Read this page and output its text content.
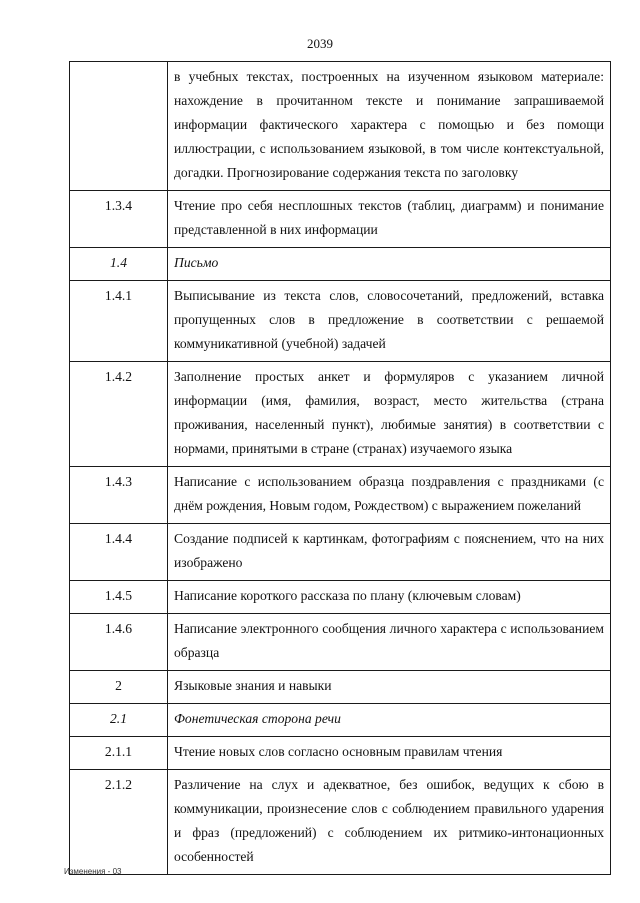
2039
	в учебных текстах, построенных на изученном языковом материале: нахождение в прочитанном тексте и понимание запрашиваемой информации фактического характера с помощью и без помощи иллюстрации, с использованием языковой, в том числе контекстуальной, догадки. Прогнозирование содержания текста по заголовку
1.3.4	Чтение про себя несплошных текстов (таблиц, диаграмм) и понимание представленной в них информации
1.4	Письмо
1.4.1	Выписывание из текста слов, словосочетаний, предложений, вставка пропущенных слов в предложение в соответствии с решаемой коммуникативной (учебной) задачей
1.4.2	Заполнение простых анкет и формуляров с указанием личной информации (имя, фамилия, возраст, место жительства (страна проживания, населенный пункт), любимые занятия) в соответствии с нормами, принятыми в стране (странах) изучаемого языка
1.4.3	Написание с использованием образца поздравления с праздниками (с днём рождения, Новым годом, Рождеством) с выражением пожеланий
1.4.4	Создание подписей к картинкам, фотографиям с пояснением, что на них изображено
1.4.5	Написание короткого рассказа по плану (ключевым словам)
1.4.6	Написание электронного сообщения личного характера с использованием образца
2	Языковые знания и навыки
2.1	Фонетическая сторона речи
2.1.1	Чтение новых слов согласно основным правилам чтения
2.1.2	Различение на слух и адекватное, без ошибок, ведущих к сбою в коммуникации, произнесение слов с соблюдением правильного ударения и фраз (предложений) с соблюдением их ритмико-интонационных особенностей
Изменения - 03
